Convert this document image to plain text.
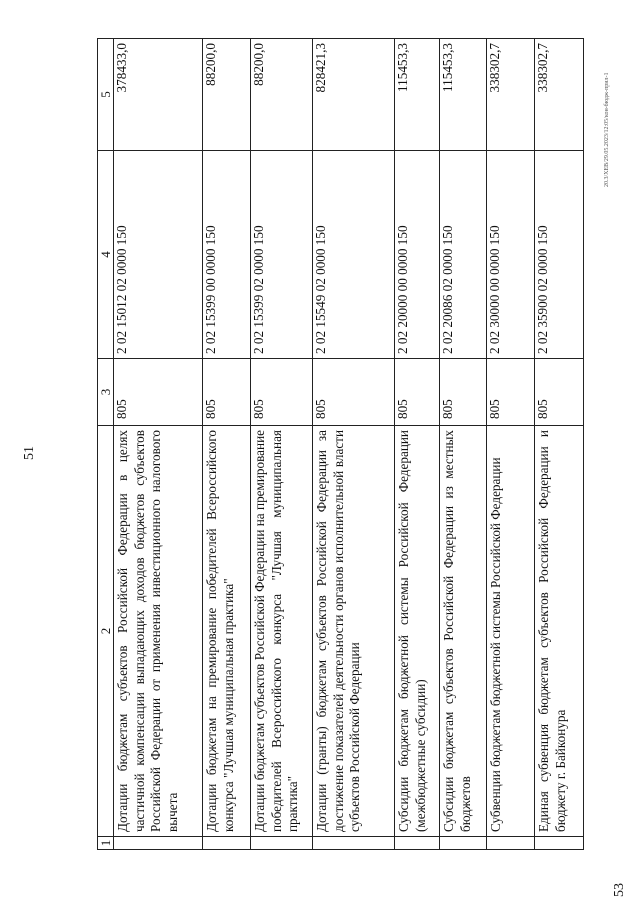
51
53
20.3/ХЕВ/29.05.2023/12:05/кон-бюдж-прил-1
1
2
3
4
5
Дотации бюджетам субъектов Российской Федерации в целях частичной компенсации выпадающих доходов бюджетов субъектов Российской Федерации от применения инвестиционного налогового вычета
805
2 02 15012 02 0000 150
378433,0
Дотации бюджетам на премирование победителей Всероссийского конкурса "Лучшая муниципальная практика"
805
2 02 15399 00 0000 150
88200,0
Дотации бюджетам субъектов Российской Федерации на премирование победителей Всероссийского конкурса "Лучшая муниципальная практика"
805
2 02 15399 02 0000 150
88200,0
Дотации (гранты) бюджетам субъектов Российской Федерации за достижение показателей деятельности органов исполнительной власти субъектов Российской Федерации
805
2 02 15549 02 0000 150
828421,3
Субсидии бюджетам бюджетной системы Российской Федерации (межбюджетные субсидии)
805
2 02 20000 00 0000 150
115453,3
Субсидии бюджетам субъектов Российской Федерации из местных бюджетов
805
2 02 20086 02 0000 150
115453,3
Субвенции бюджетам бюджетной системы Российской Федерации
805
2 02 30000 00 0000 150
338302,7
Единая субвенция бюджетам субъектов Российской Федерации и бюджету г. Байконура
805
2 02 35900 02 0000 150
338302,7
